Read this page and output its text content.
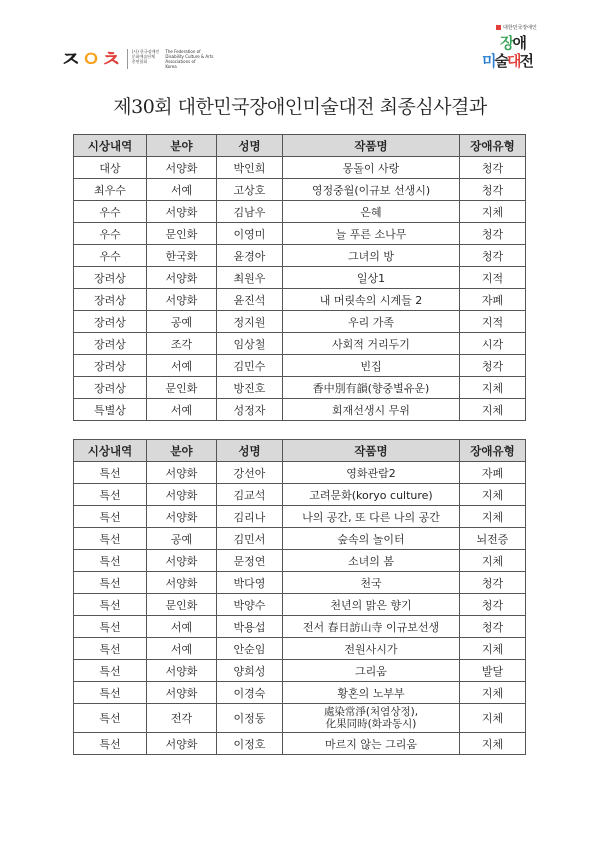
ㅈㅇㅊ	(사) 한국장애인
문화예술단체
총연합회
The Federation of
Disability Culture & Arts
Associations of
Korea
대한민국장애인
장애
미술대전
제30회 대한민국장애인미술대전 최종심사결과
시상내역	분야	성명	작품명	장애유형
대상	서양화	박인희	몽돌이 사랑	청각
최우수	서예	고상호	영정중월(이규보 선생시)	청각
우수	서양화	김남우	은혜	지체
우수	문인화	이영미	늘 푸른 소나무	청각
우수	한국화	윤경아	그녀의 방	청각
장려상	서양화	최원우	일상1	지적
장려상	서양화	윤진석	내 머릿속의 시계들 2	자폐
장려상	공예	정지원	우리 가족	지적
장려상	조각	임상철	사회적 거리두기	시각
장려상	서예	김민수	빈집	청각
장려상	문인화	방진호	香中別有韻(향중별유운)	지체
특별상	서예	성정자	회재선생시 무위	지체
시상내역	분야	성명	작품명	장애유형
특선	서양화	강선아	영화관람2	자폐
특선	서양화	김교석	고려문화(koryo culture)	지체
특선	서양화	김리나	나의 공간, 또 다른 나의 공간	지체
특선	공예	김민서	숲속의 놀이터	뇌전증
특선	서양화	문정연	소녀의 봄	지체
특선	서양화	박다영	천국	청각
특선	문인화	박양수	천년의 맑은 향기	청각
특선	서예	박용섭	전서 春日訪山寺 이규보선생	청각
특선	서예	안순임	전원사시가	지체
특선	서양화	양희성	그리움	발달
특선	서양화	이경숙	황혼의 노부부	지체
특선	전각	이정동	處染常淨(처염상정),
化果同時(화과동시)	지체
특선	서양화	이정호	마르지 않는 그리움	지체
